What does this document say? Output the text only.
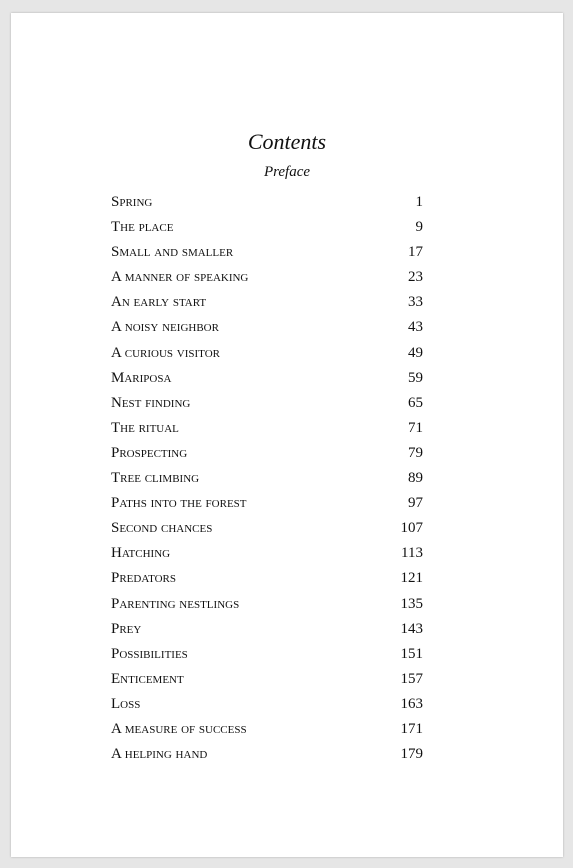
Contents
Preface
Spring	1
The place	9
Small and smaller	17
A manner of speaking	23
An early start	33
A noisy neighbor	43
A curious visitor	49
Mariposa	59
Nest finding	65
The ritual	71
Prospecting	79
Tree climbing	89
Paths into the forest	97
Second chances	107
Hatching	113
Predators	121
Parenting nestlings	135
Prey	143
Possibilities	151
Enticement	157
Loss	163
A measure of success	171
A helping hand	179
